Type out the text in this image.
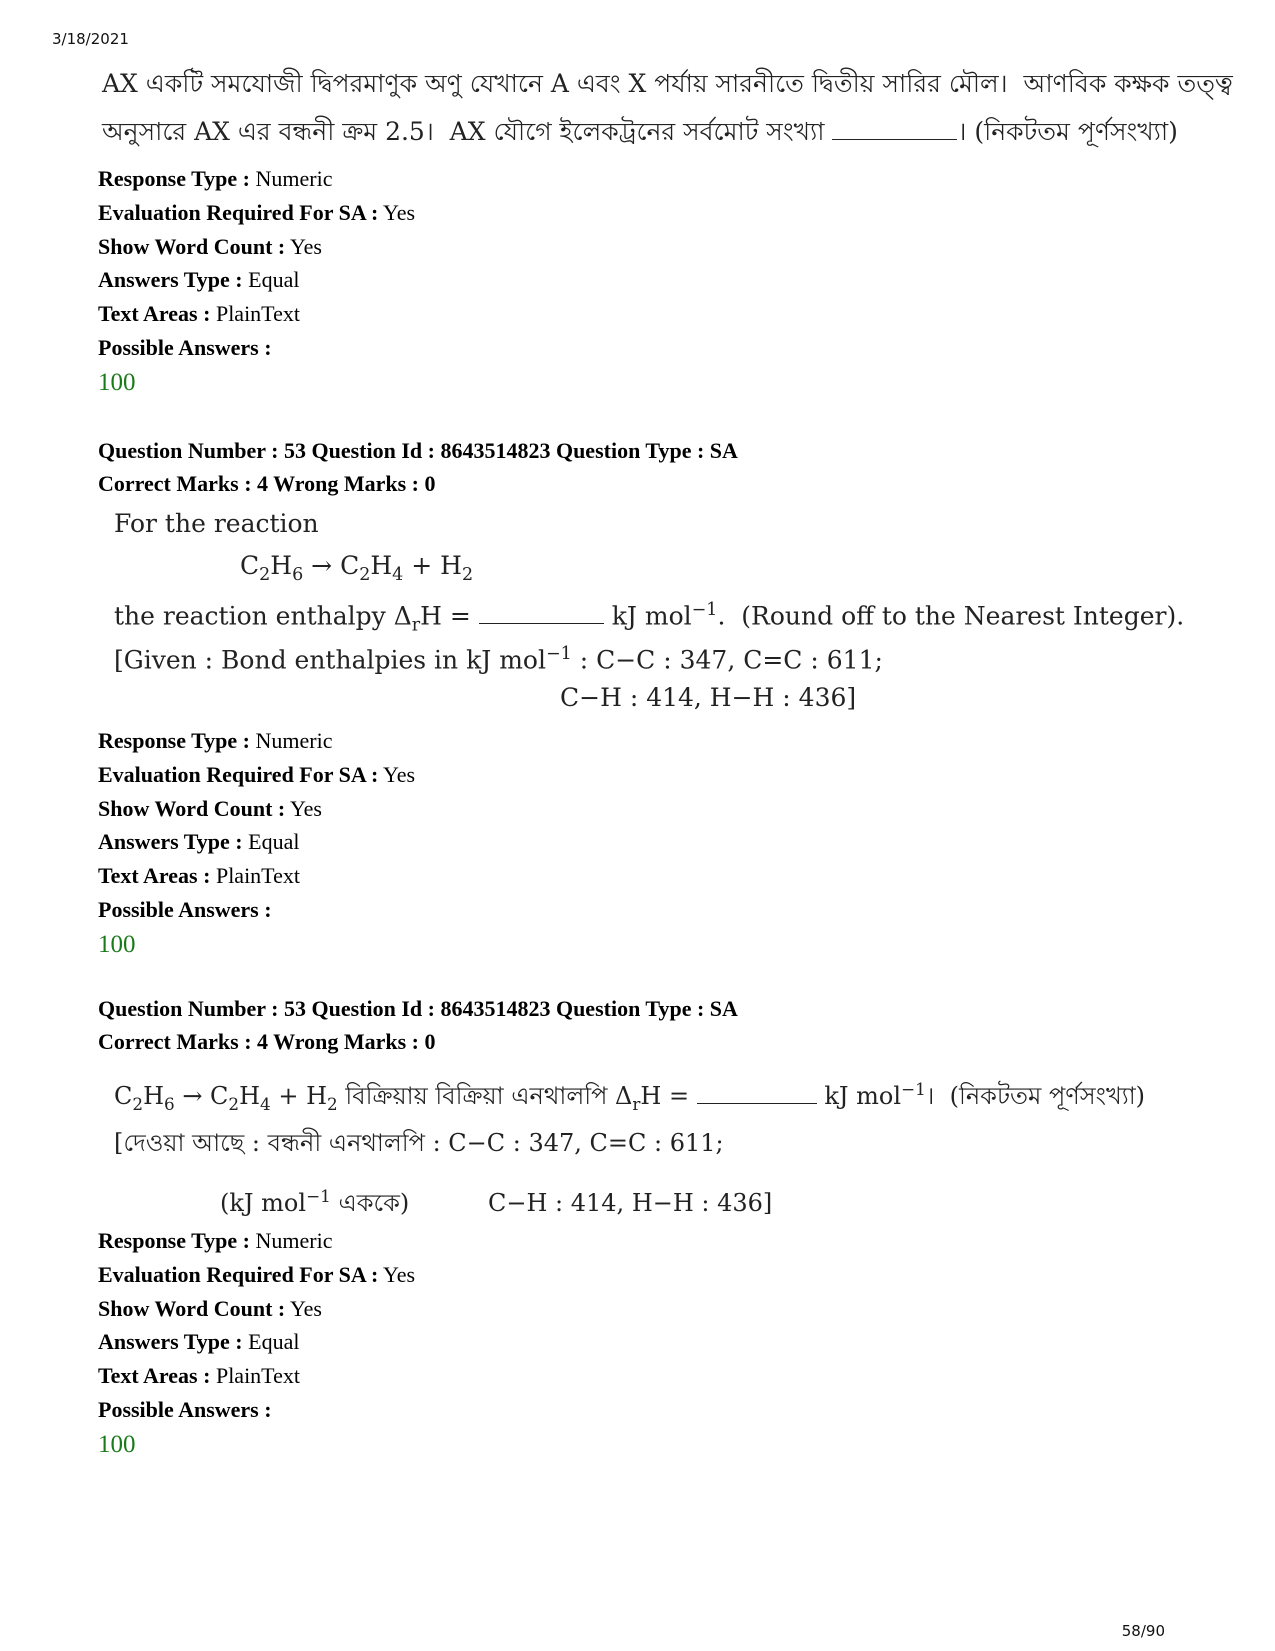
3/18/2021
AX একটি সমযোজী দ্বিপরমাণুক অণু যেখানে A এবং X পর্যায় সারনীতে দ্বিতীয় সারির মৌল। আণবিক কক্ষক তত্ত্ব
অনুসারে AX এর বন্ধনী ক্রম 2.5। AX যৌগে ইলেকট্রনের সর্বমোট সংখ্যা	। (নিকটতম পূর্ণসংখ্যা)
Response Type : Numeric
Evaluation Required For SA : Yes
Show Word Count : Yes
Answers Type : Equal
Text Areas : PlainText
Possible Answers :
100
Question Number : 53 Question Id : 8643514823 Question Type : SA
Correct Marks : 4 Wrong Marks : 0
For the reaction
$C_2H_6 \to C_2H_4 + H_2$
the reaction enthalpy $\Delta_rH$ =	kJ mol$^{-1}$.  (Round off to the Nearest Integer).
[Given : Bond enthalpies in kJ mol$^{-1}$ : C−C : 347, C=C : 611;
C−H : 414, H−H : 436]
Response Type : Numeric
Evaluation Required For SA : Yes
Show Word Count : Yes
Answers Type : Equal
Text Areas : PlainText
Possible Answers :
100
Question Number : 53 Question Id : 8643514823 Question Type : SA
Correct Marks : 4 Wrong Marks : 0
$C_2H_6 \to C_2H_4 + H_2$ বিক্রিয়ায় বিক্রিয়া এনথালপি $\Delta_rH$ =	kJ mol$^{-1}$।  (নিকটতম পূর্ণসংখ্যা)
[দেওয়া আছে : বন্ধনী এনথালপি : C−C : 347, C=C : 611;
(kJ mol$^{-1}$ এককে)	C−H : 414, H−H : 436]
Response Type : Numeric
Evaluation Required For SA : Yes
Show Word Count : Yes
Answers Type : Equal
Text Areas : PlainText
Possible Answers :
100
58/90
